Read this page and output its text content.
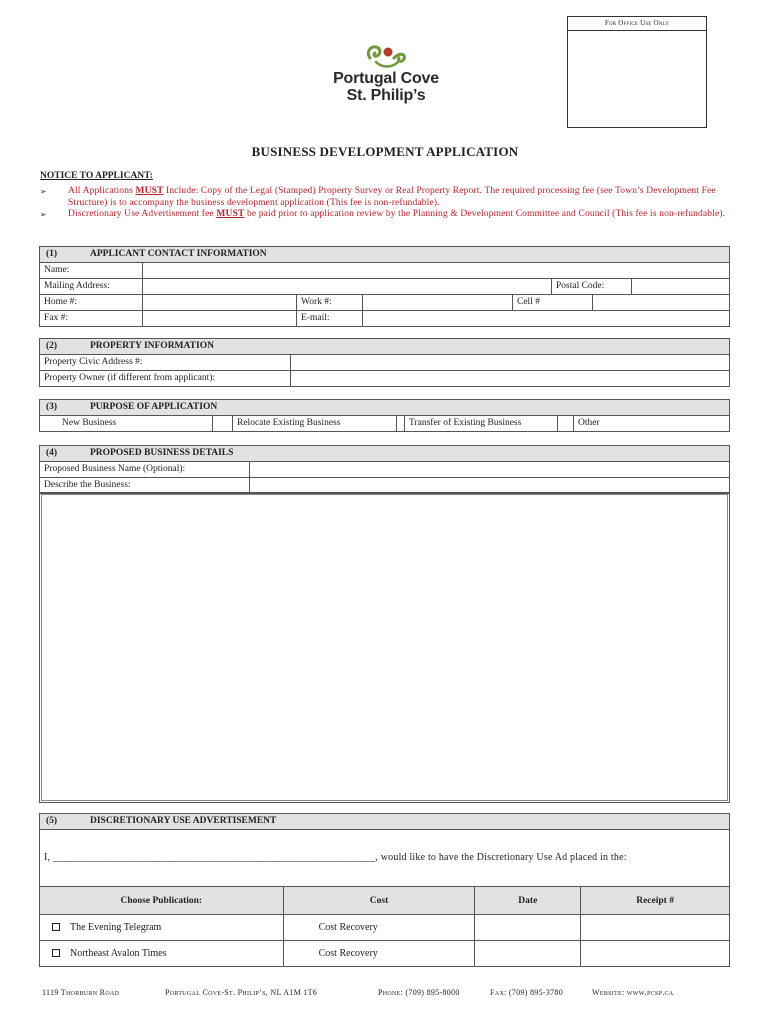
For Office Use Only
Portugal Cove
St. Philip’s
BUSINESS DEVELOPMENT APPLICATION
NOTICE TO APPLICANT:
➢ All Applications MUST Include: Copy of the Legal (Stamped) Property Survey or Real Property Report. The required processing fee (see Town’s Development Fee Structure) is to accompany the business development application (This fee is non-refundable).
➢ Discretionary Use Advertisement fee MUST be paid prior to application review by the Planning & Development Committee and Council (This fee is non-refundable).
(1)	APPLICANT CONTACT INFORMATION
Name:
Mailing Address:	Postal Code:
Home #:	Work #:	Cell #
Fax #:	E-mail:
(2)	PROPERTY INFORMATION
Property Civic Address #:
Property Owner (if different from applicant):
(3)	PURPOSE OF APPLICATION
New Business	Relocate Existing Business	Transfer of Existing Business	Other
(4)	PROPOSED BUSINESS DETAILS
Proposed Business Name (Optional):
Describe the Business:
(5)	DISCRETIONARY USE ADVERTISEMENT
I, ______________________________________________________________, would like to have the Discretionary Use Ad placed in the:
Choose Publication:	Cost	Date	Receipt #
The Evening Telegram	Cost Recovery		
Northeast Avalon Times	Cost Recovery		
1119 Thorburn Road	Portugal Cove-St. Philip’s, NL A1M 1T6	Phone: (709) 895-8000	Fax: (709) 895-3780	Website: www.pcsp.ca
